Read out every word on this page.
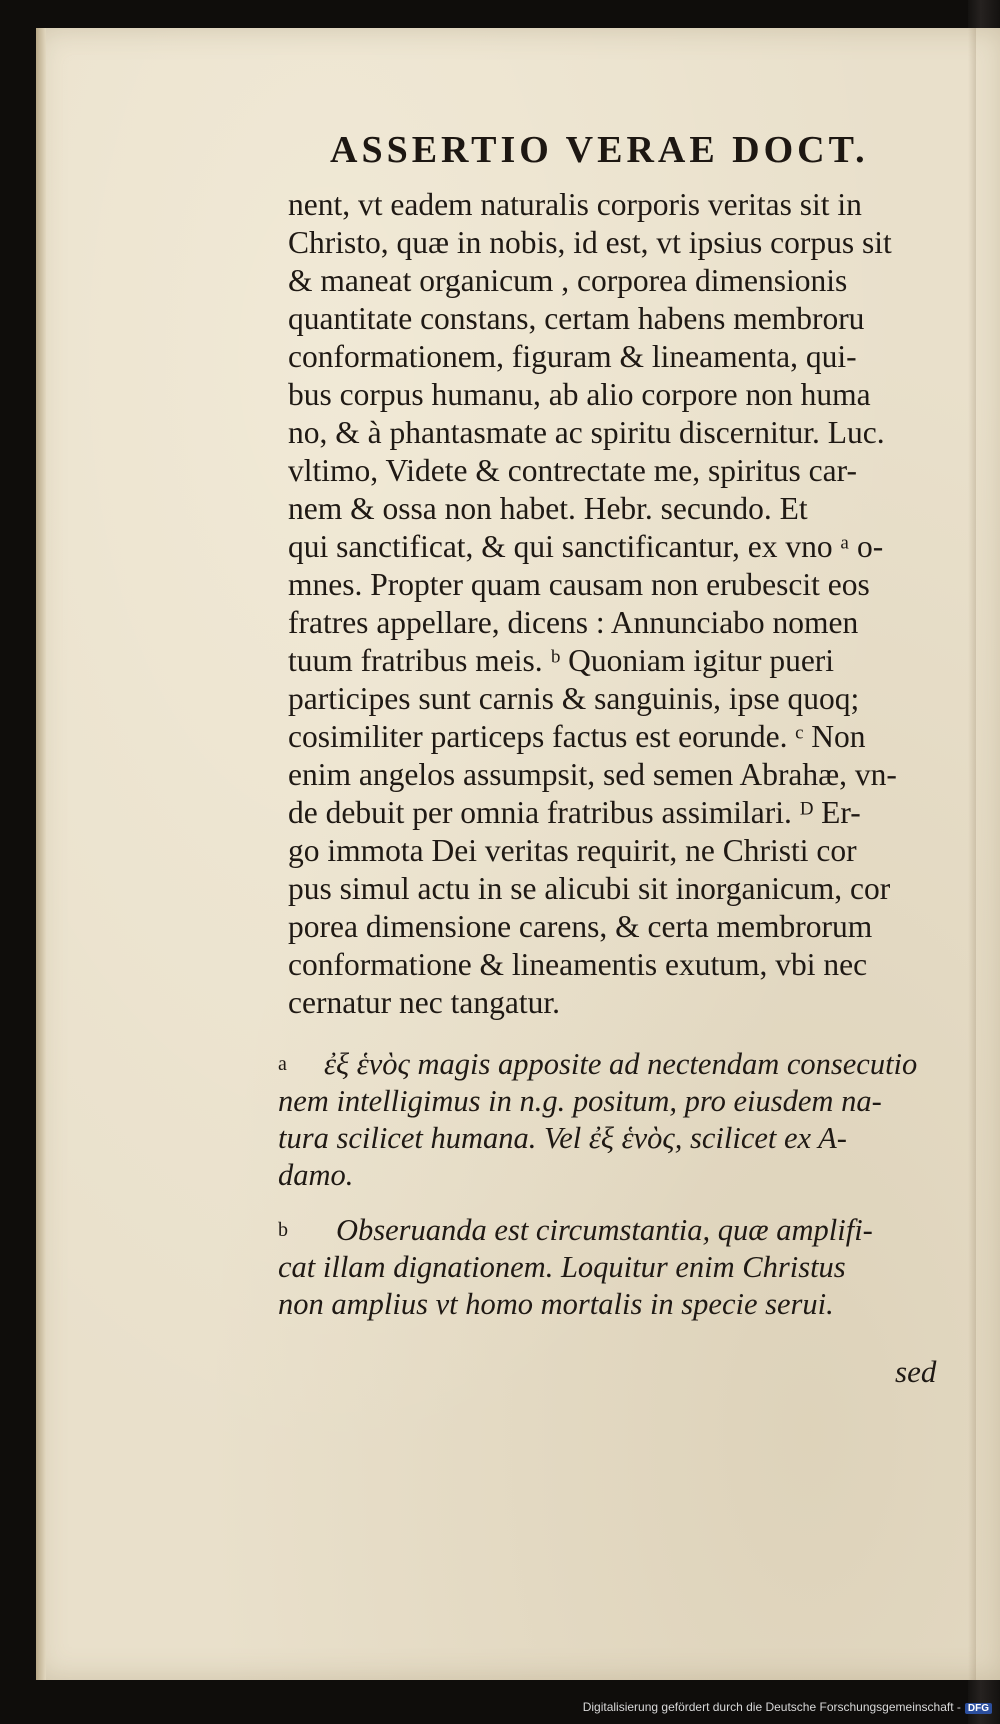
ASSERTIO VERAE DOCT.
nent, vt eadem naturalis corporis veritas sit in
Christo, quæ in nobis, id est, vt ipsius corpus sit
& maneat organicum , corporea dimensionis
quantitate constans, certam habens membroru
conformationem, figuram & lineamenta, qui-
bus corpus humanu, ab alio corpore non huma
no, & à phantasmate ac spiritu discernitur. Luc.
vltimo, Videte & contrectate me, spiritus car-
nem & ossa non habet. Hebr. secundo. Et
qui sanctificat, & qui sanctificantur, ex vno ᵃ o-
mnes. Propter quam causam non erubescit eos
fratres appellare, dicens : Annunciabo nomen
tuum fratribus meis. ᵇ Quoniam igitur pueri
participes sunt carnis & sanguinis, ipse quoq;
cosimiliter particeps factus est eorunde. ᶜ Non
enim angelos assumpsit, sed semen Abrahæ, vn-
de debuit per omnia fratribus assimilari. ᴰ Er-
go immota Dei veritas requirit, ne Christi cor
pus simul actu in se alicubi sit inorganicum, cor
porea dimensione carens, & certa membrorum
conformatione & lineamentis exutum, vbi nec
cernatur nec tangatur.
a	ἐξ ἑνὸς magis apposite ad nectendam consecutio
nem intelligimus in n.g. positum, pro eiusdem na-
tura scilicet humana. Vel ἐξ ἑνὸς, scilicet ex A-
damo.
b	Obseruanda est circumstantia, quæ amplifi-
cat illam dignationem. Loquitur enim Christus
non amplius vt homo mortalis in specie serui.
sed
Digitalisierung gefördert durch die Deutsche Forschungsgemeinschaft - DFG
